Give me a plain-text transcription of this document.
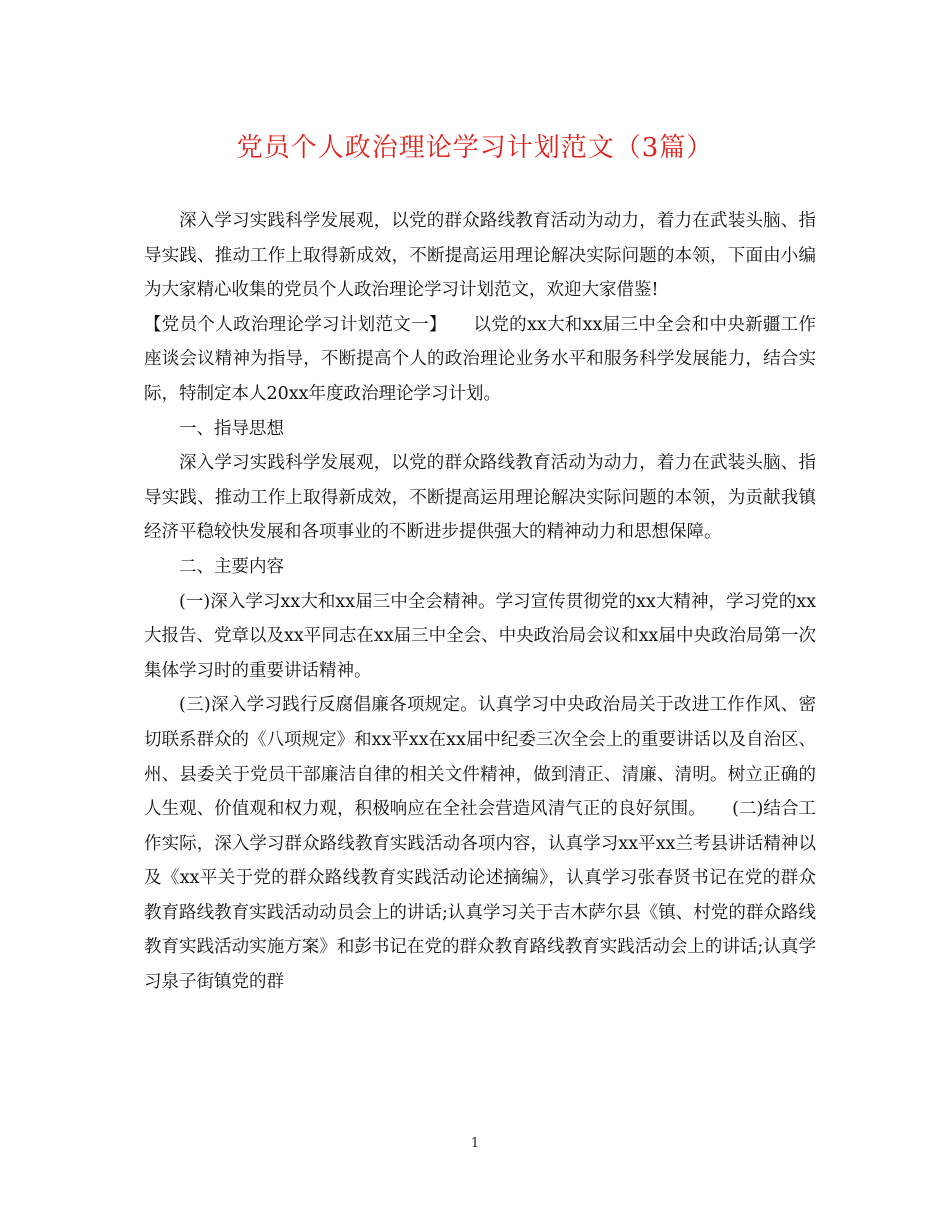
党员个人政治理论学习计划范文（3篇）

深入学习实践科学发展观，以党的群众路线教育活动为动力，着力在武装头脑、指导实践、推动工作上取得新成效，不断提高运用理论解决实际问题的本领，下面由小编为大家精心收集的党员个人政治理论学习计划范文，欢迎大家借鉴!

【党员个人政治理论学习计划范文一】　　以党的xx大和xx届三中全会和中央新疆工作座谈会议精神为指导，不断提高个人的政治理论业务水平和服务科学发展能力，结合实际，特制定本人20xx年度政治理论学习计划。

一、指导思想

深入学习实践科学发展观，以党的群众路线教育活动为动力，着力在武装头脑、指导实践、推动工作上取得新成效，不断提高运用理论解决实际问题的本领，为贡献我镇经济平稳较快发展和各项事业的不断进步提供强大的精神动力和思想保障。

二、主要内容

(一)深入学习xx大和xx届三中全会精神。学习宣传贯彻党的xx大精神，学习党的xx大报告、党章以及xx平同志在xx届三中全会、中央政治局会议和xx届中央政治局第一次集体学习时的重要讲话精神。

(三)深入学习践行反腐倡廉各项规定。认真学习中央政治局关于改进工作作风、密切联系群众的《八项规定》和xx平xx在xx届中纪委三次全会上的重要讲话以及自治区、州、县委关于党员干部廉洁自律的相关文件精神，做到清正、清廉、清明。树立正确的人生观、价值观和权力观，积极响应在全社会营造风清气正的良好氛围。　　(二)结合工作实际，深入学习群众路线教育实践活动各项内容，认真学习xx平xx兰考县讲话精神以及《xx平关于党的群众路线教育实践活动论述摘编》，认真学习张春贤书记在党的群众教育路线教育实践活动动员会上的讲话;认真学习关于吉木萨尔县《镇、村党的群众路线教育实践活动实施方案》和彭书记在党的群众教育路线教育实践活动会上的讲话;认真学习泉子街镇党的群

1
